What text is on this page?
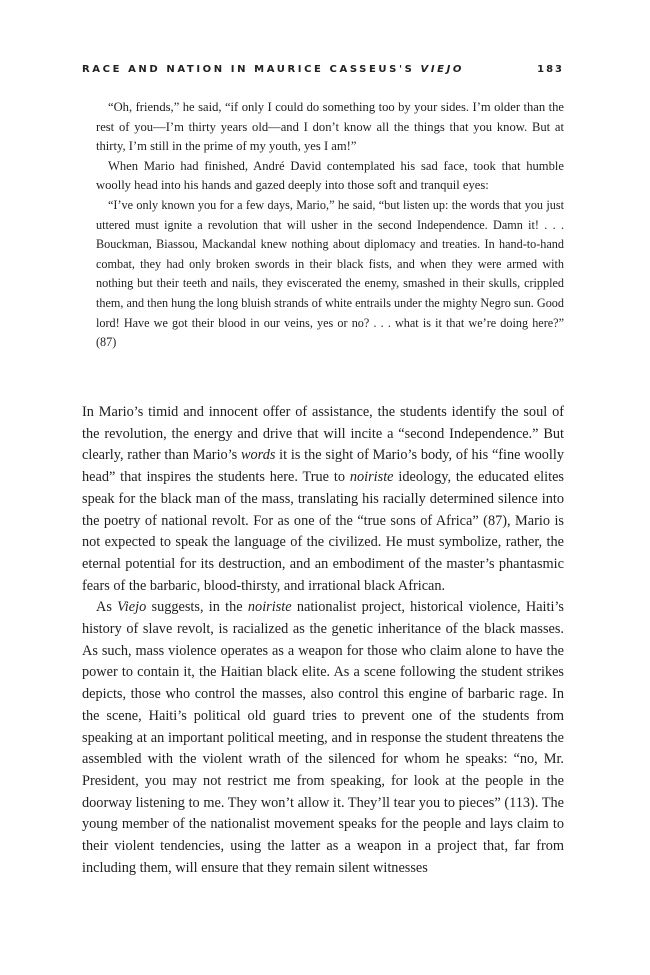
RACE AND NATION IN MAURICE CASSEUS'S VIEJO	183

“Oh, friends,” he said, “if only I could do something too by your sides. I’m older than the rest of you—I’m thirty years old—and I don’t know all the things that you know. But at thirty, I’m still in the prime of my youth, yes I am!”

When Mario had finished, André David contemplated his sad face, took that humble woolly head into his hands and gazed deeply into those soft and tranquil eyes:

“I’ve only known you for a few days, Mario,” he said, “but listen up: the words that you just uttered must ignite a revolution that will usher in the second Independence. Damn it! . . . Bouckman, Biassou, Mackandal knew nothing about diplomacy and treaties. In hand-to-hand combat, they had only broken swords in their black fists, and when they were armed with nothing but their teeth and nails, they eviscerated the enemy, smashed in their skulls, crippled them, and then hung the long bluish strands of white entrails under the mighty Negro sun. Good lord! Have we got their blood in our veins, yes or no? . . . what is it that we’re doing here?” (87)

In Mario’s timid and innocent offer of assistance, the students identify the soul of the revolution, the energy and drive that will incite a “second Independence.” But clearly, rather than Mario’s words it is the sight of Mario’s body, of his “fine woolly head” that inspires the students here. True to noiriste ideology, the educated elites speak for the black man of the mass, translating his racially determined silence into the poetry of national revolt. For as one of the “true sons of Africa” (87), Mario is not expected to speak the language of the civilized. He must symbolize, rather, the eternal potential for its destruction, and an embodiment of the master’s phantasmic fears of the barbaric, blood-thirsty, and irrational black African.

As Viejo suggests, in the noiriste nationalist project, historical violence, Haiti’s history of slave revolt, is racialized as the genetic inheritance of the black masses. As such, mass violence operates as a weapon for those who claim alone to have the power to contain it, the Haitian black elite. As a scene following the student strikes depicts, those who control the masses, also control this engine of barbaric rage. In the scene, Haiti’s political old guard tries to prevent one of the students from speaking at an important political meeting, and in response the student threatens the assembled with the violent wrath of the silenced for whom he speaks: “no, Mr. President, you may not restrict me from speaking, for look at the people in the doorway listening to me. They won’t allow it. They’ll tear you to pieces” (113). The young member of the nationalist movement speaks for the people and lays claim to their violent tendencies, using the latter as a weapon in a project that, far from including them, will ensure that they remain silent witnesses
